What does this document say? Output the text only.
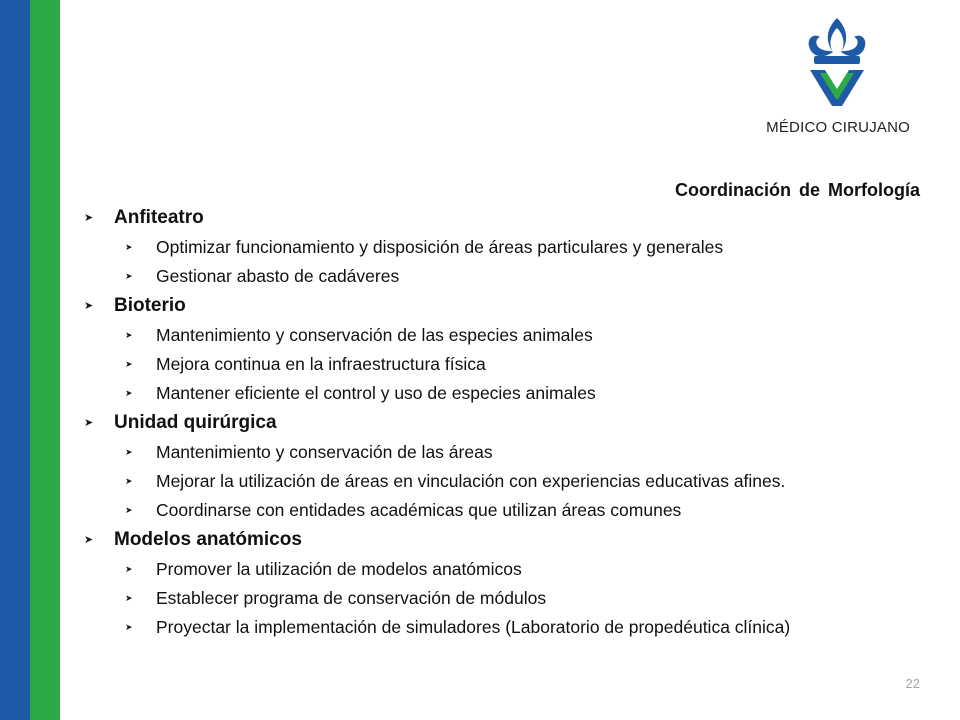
MÉDICO CIRUJANO
Coordinación de Morfología
➤ Anfiteatro
➤ Optimizar funcionamiento y disposición de áreas particulares y generales
➤ Gestionar abasto de cadáveres
➤ Bioterio
➤ Mantenimiento y conservación de las especies animales
➤ Mejora continua en la infraestructura física
➤ Mantener eficiente el control y uso de especies animales
➤ Unidad quirúrgica
➤ Mantenimiento y conservación de las áreas
➤ Mejorar la utilización de áreas en vinculación con experiencias educativas afines.
➤ Coordinarse con entidades académicas que utilizan áreas comunes
➤ Modelos anatómicos
➤ Promover la utilización de modelos anatómicos
➤ Establecer programa de conservación de módulos
➤ Proyectar la implementación de simuladores (Laboratorio de propedéutica clínica)
22
